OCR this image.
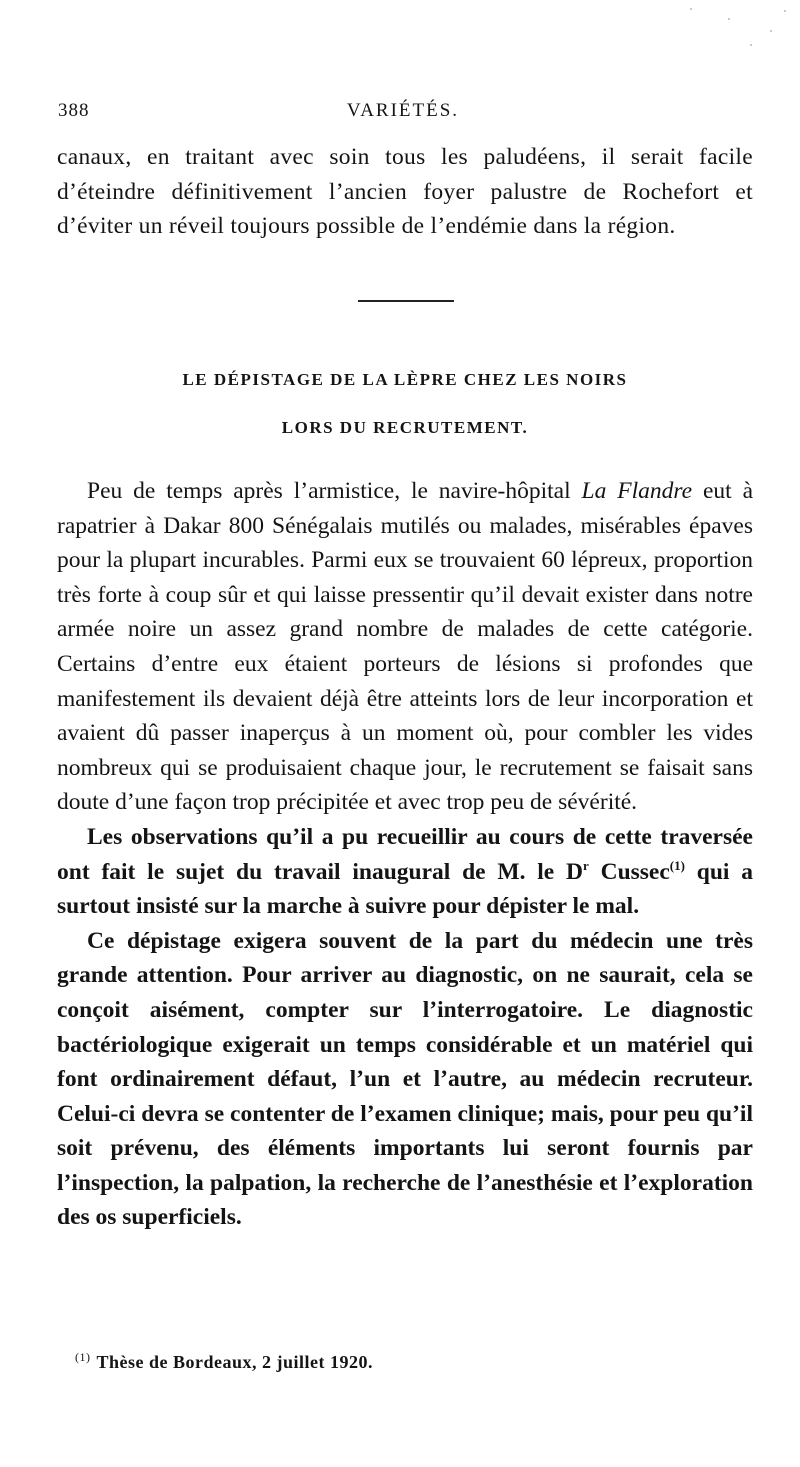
388	VARIÉTÉS.

canaux, en traitant avec soin tous les paludéens, il serait facile d’éteindre définitivement l’ancien foyer palustre de Rochefort et d’éviter un réveil toujours possible de l’endémie dans la région.

LE DÉPISTAGE DE LA LÈPRE CHEZ LES NOIRS
LORS DU RECRUTEMENT.

Peu de temps après l’armistice, le navire-hôpital La Flandre eut à rapatrier à Dakar 800 Sénégalais mutilés ou malades, misérables épaves pour la plupart incurables. Parmi eux se trouvaient 60 lépreux, proportion très forte à coup sûr et qui laisse pressentir qu’il devait exister dans notre armée noire un assez grand nombre de malades de cette catégorie. Certains d’entre eux étaient porteurs de lésions si profondes que manifestement ils devaient déjà être atteints lors de leur incorporation et avaient dû passer inaperçus à un moment où, pour combler les vides nombreux qui se produisaient chaque jour, le recrutement se faisait sans doute d’une façon trop précipitée et avec trop peu de sévérité.

Les observations qu’il a pu recueillir au cours de cette traversée ont fait le sujet du travail inaugural de M. le $D^r$ Cussec$^{(1)}$ qui a surtout insisté sur la marche à suivre pour dépister le mal.

Ce dépistage exigera souvent de la part du médecin une très grande attention. Pour arriver au diagnostic, on ne saurait, cela se conçoit aisément, compter sur l’interrogatoire. Le diagnostic bactériologique exigerait un temps considérable et un matériel qui font ordinairement défaut, l’un et l’autre, au médecin recruteur. Celui-ci devra se contenter de l’examen clinique; mais, pour peu qu’il soit prévenu, des éléments importants lui seront fournis par l’inspection, la palpation, la recherche de l’anesthésie et l’exploration des os superficiels.

$^{(1)}$ Thèse de Bordeaux, 2 juillet 1920.
